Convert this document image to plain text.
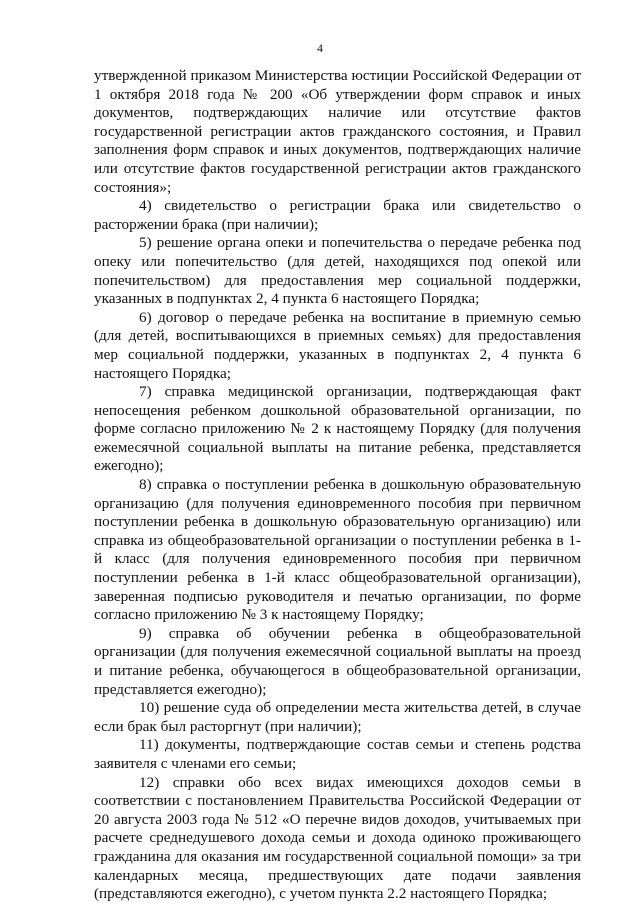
4

утвержденной приказом Министерства юстиции Российской Федерации от 1 октября 2018 года № 200 «Об утверждении форм справок и иных документов, подтверждающих наличие или отсутствие фактов государственной регистрации актов гражданского состояния, и Правил заполнения форм справок и иных документов, подтверждающих наличие или отсутствие фактов государственной регистрации актов гражданского состояния»;

4) свидетельство о регистрации брака или свидетельство о расторжении брака (при наличии);

5) решение органа опеки и попечительства о передаче ребенка под опеку или попечительство (для детей, находящихся под опекой или попечительством) для предоставления мер социальной поддержки, указанных в подпунктах 2, 4 пункта 6 настоящего Порядка;

6) договор о передаче ребенка на воспитание в приемную семью (для детей, воспитывающихся в приемных семьях) для предоставления мер социальной поддержки, указанных в подпунктах 2, 4 пункта 6 настоящего Порядка;

7) справка медицинской организации, подтверждающая факт непосещения ребенком дошкольной образовательной организации, по форме согласно приложению № 2 к настоящему Порядку (для получения ежемесячной социальной выплаты на питание ребенка, представляется ежегодно);

8) справка о поступлении ребенка в дошкольную образовательную организацию (для получения единовременного пособия при первичном поступлении ребенка в дошкольную образовательную организацию) или справка из общеобразовательной организации о поступлении ребенка в 1-й класс (для получения единовременного пособия при первичном поступлении ребенка в 1-й класс общеобразовательной организации), заверенная подписью руководителя и печатью организации, по форме согласно приложению № 3 к настоящему Порядку;

9) справка об обучении ребенка в общеобразовательной организации (для получения ежемесячной социальной выплаты на проезд и питание ребенка, обучающегося в общеобразовательной организации, представляется ежегодно);

10) решение суда об определении места жительства детей, в случае если брак был расторгнут (при наличии);

11) документы, подтверждающие состав семьи и степень родства заявителя с членами его семьи;

12) справки обо всех видах имеющихся доходов семьи в соответствии с постановлением Правительства Российской Федерации от 20 августа 2003 года № 512 «О перечне видов доходов, учитываемых при расчете среднедушевого дохода семьи и дохода одиноко проживающего гражданина для оказания им государственной социальной помощи» за три календарных месяца, предшествующих дате подачи заявления (представляются ежегодно), с учетом пункта 2.2 настоящего Порядка;
